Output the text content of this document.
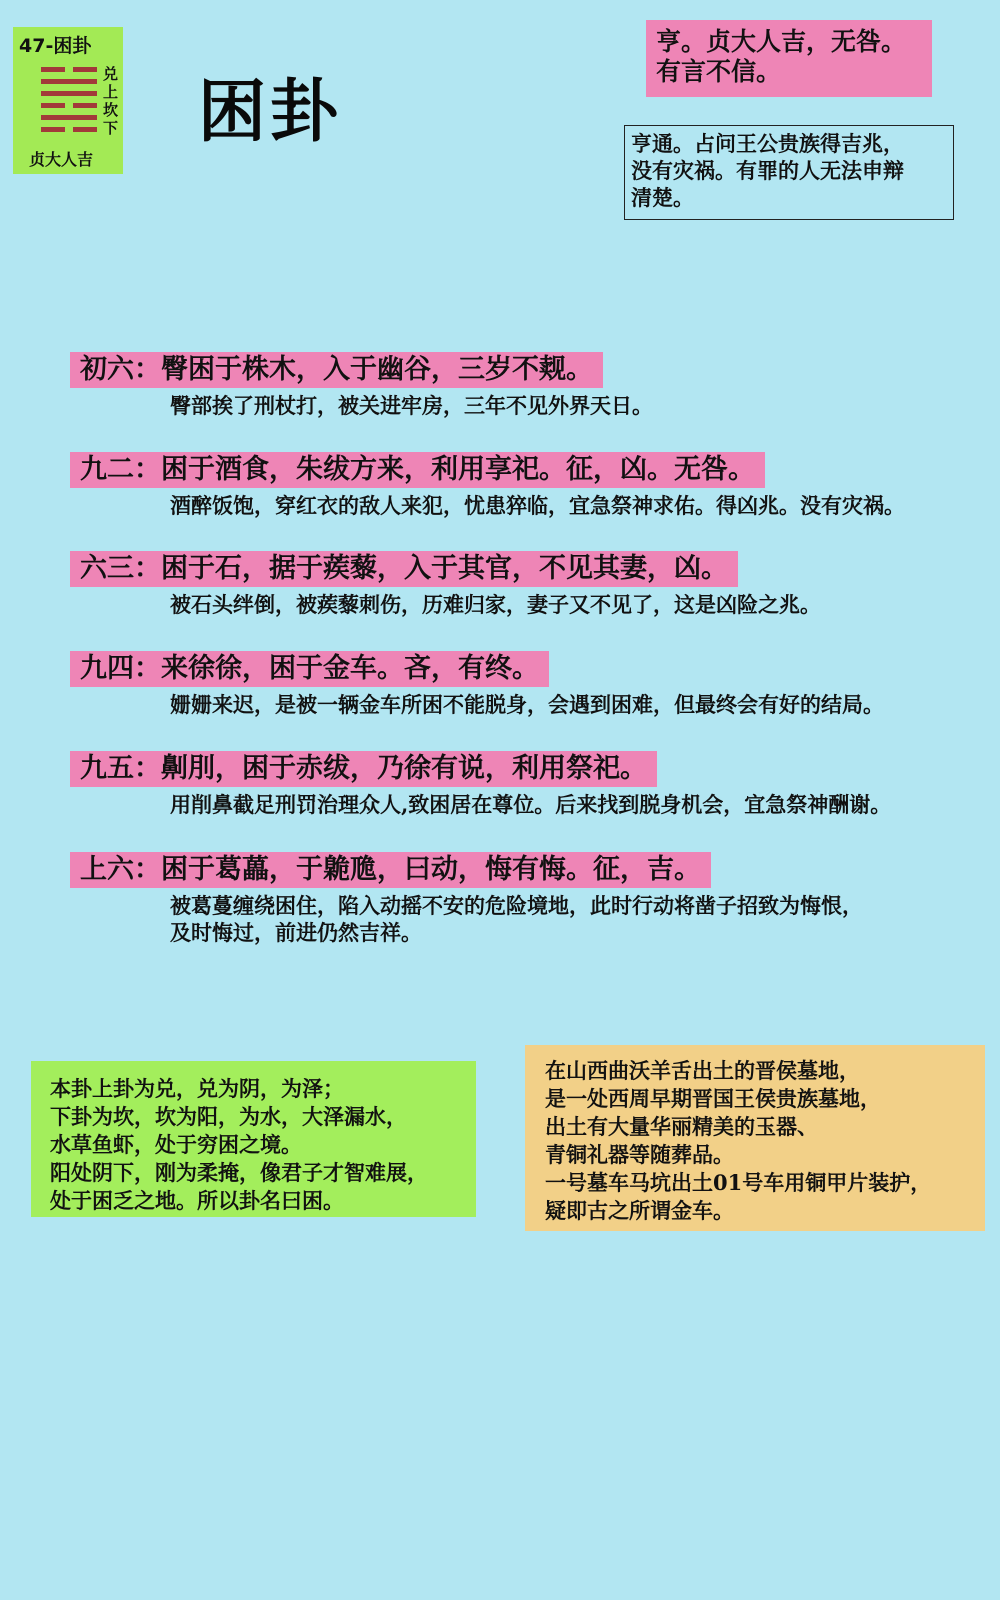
47-困卦
兑上坎下
贞大人吉
困卦
亨。贞大人吉，无咎。
有言不信。
亨通。占问王公贵族得吉兆，
没有灾祸。有罪的人无法申辩
清楚。
初六：臀困于株木，入于幽谷，三岁不觌。
臀部挨了刑杖打，被关进牢房，三年不见外界天日。
九二：困于酒食，朱绂方来，利用享祀。征，凶。无咎。
酒醉饭饱，穿红衣的敌人来犯，忧患猝临，宜急祭神求佑。得凶兆。没有灾祸。
六三：困于石，据于蒺藜，入于其官，不见其妻，凶。
被石头绊倒，被蒺藜刺伤，历难归家，妻子又不见了，这是凶险之兆。
九四：来徐徐，困于金车。吝，有终。
姗姗来迟，是被一辆金车所困不能脱身，会遇到困难，但最终会有好的结局。
九五：劓刖，困于赤绂，乃徐有说，利用祭祀。
用削鼻截足刑罚治理众人,致困居在尊位。后来找到脱身机会，宜急祭神酬谢。
上六：困于葛藟，于臲卼，曰动，悔有悔。征，吉。
被葛蔓缠绕困住，陷入动摇不安的危险境地，此时行动将凿子招致为悔恨，
及时悔过，前进仍然吉祥。
本卦上卦为兑，兑为阴，为泽；
下卦为坎，坎为阳，为水，大泽漏水，
水草鱼虾，处于穷困之境。
阳处阴下，刚为柔掩，像君子才智难展，
处于困乏之地。所以卦名曰困。
在山西曲沃羊舌出土的晋侯墓地，
是一处西周早期晋国王侯贵族墓地，
出土有大量华丽精美的玉器、
青铜礼器等随葬品。
一号墓车马坑出土01号车用铜甲片装护，
疑即古之所谓金车。
